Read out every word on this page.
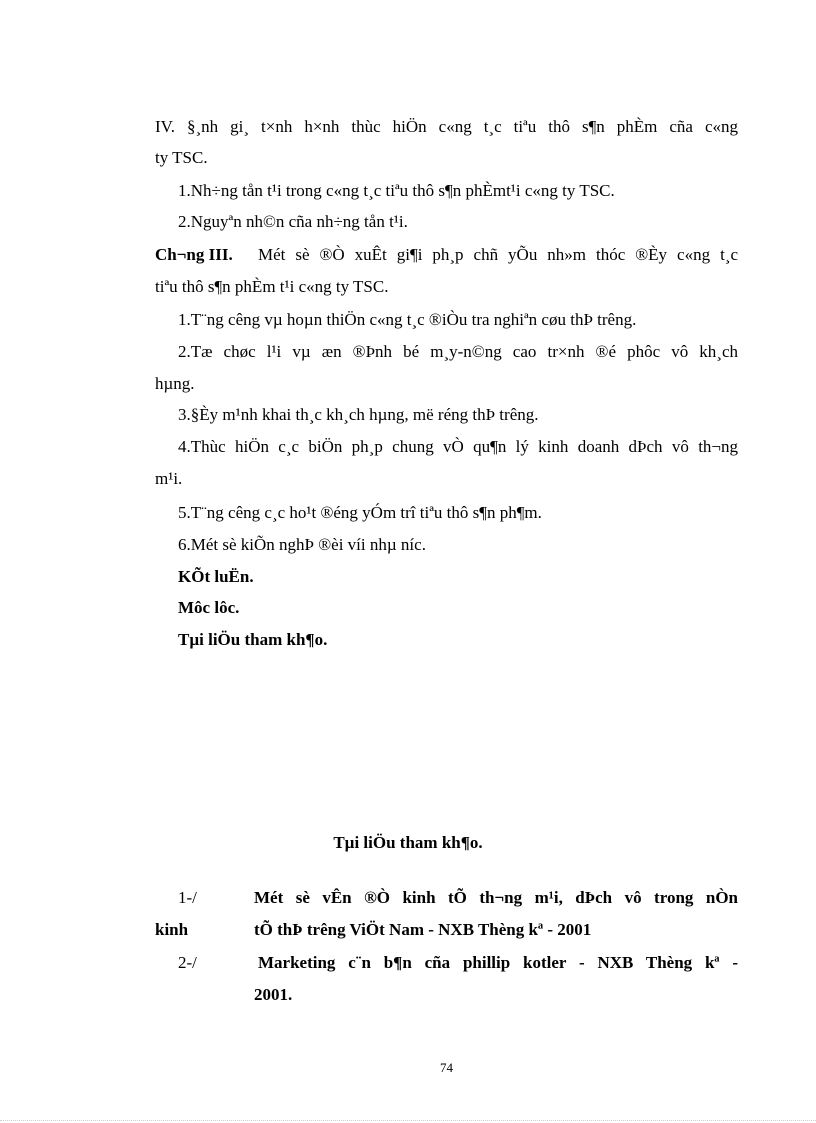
IV. §¸nh gi¸ t×nh h×nh thùc hiÖn c«ng t¸c tiªu thô s¶n phÈm cña c«ng
ty TSC.
1.Nh÷ng tån t¹i trong c«ng t¸c tiªu thô s¶n phÈmt¹i c«ng ty TSC.
2.Nguyªn nh©n cña nh÷ng tån t¹i.
Ch¬ng III. Mét sè ®Ò xuÊt gi¶i ph¸p chñ yÕu nh»m thóc ®Èy c«ng t¸c
tiªu thô s¶n phÈm t¹i c«ng ty TSC.
1.T¨ng cêng vµ hoµn thiÖn c«ng t¸c ®iÒu tra nghiªn cøu thÞ trêng.
2.Tæ chøc l¹i vµ æn ®Þnh bé m¸y-n©ng cao tr×nh ®é phôc vô kh¸ch
hµng.
3.§Èy m¹nh khai th¸c kh¸ch hµng, më réng thÞ trêng.
4.Thùc hiÖn c¸c biÖn ph¸p chung vÒ qu¶n lý kinh doanh dÞch vô th¬ng
m¹i.
5.T¨ng cêng c¸c ho¹t ®éng yÓm trî tiªu thô s¶n ph¶m.
6.Mét sè kiÕn nghÞ ®èi víi nhµ níc.
KÕt luËn.
Môc lôc.
Tµi liÖu tham kh¶o.
Tµi liÖu tham kh¶o.
1-/	Mét sè vÊn ®Ò kinh tÕ th¬ng m¹i, dÞch vô trong nÒn
kinh	tÕ thÞ trêng ViÖt Nam - NXB Thèng kª - 2001
2-/	Marketing c¨n b¶n cña phillip kotler - NXB Thèng kª -
2001.
74
